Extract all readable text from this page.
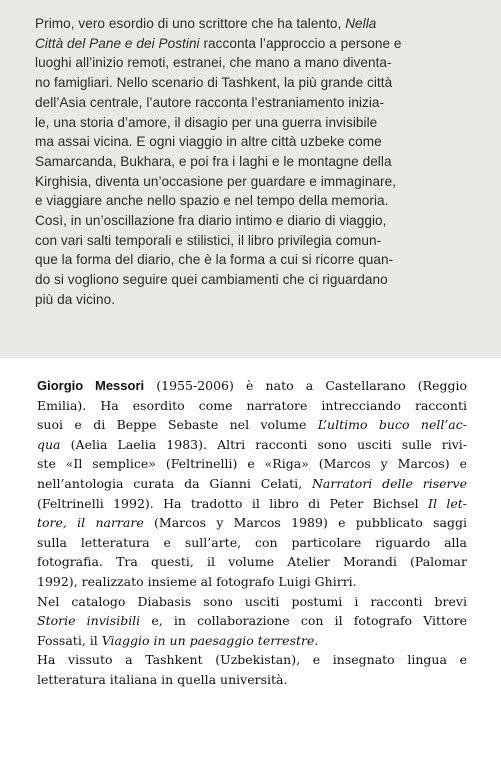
Primo, vero esordio di uno scrittore che ha talento, Nella
Città del Pane e dei Postini racconta l’approccio a persone e
luoghi all’inizio remoti, estranei, che mano a mano diventa-
no famigliari. Nello scenario di Tashkent, la più grande città
dell’Asia centrale, l’autore racconta l’estraniamento inizia-
le, una storia d’amore, il disagio per una guerra invisibile
ma assai vicina. E ogni viaggio in altre città uzbeke come
Samarcanda, Bukhara, e poi fra i laghi e le montagne della
Kirghisia, diventa un’occasione per guardare e immaginare,
e viaggiare anche nello spazio e nel tempo della memoria.
Così, in un’oscillazione fra diario intimo e diario di viaggio,
con vari salti temporali e stilistici, il libro privilegia comun-
que la forma del diario, che è la forma a cui si ricorre quan-
do si vogliono seguire quei cambiamenti che ci riguardano
più da vicino.
Giorgio Messori (1955-2006) è nato a Castellarano (Reggio
Emilia). Ha esordito come narratore intrecciando racconti
suoi e di Beppe Sebaste nel volume L’ultimo buco nell’ac-
qua (Aelia Laelia 1983). Altri racconti sono usciti sulle rivi-
ste «Il semplice» (Feltrinelli) e «Riga» (Marcos y Marcos) e
nell’antologia curata da Gianni Celati, Narratori delle riserve
(Feltrinelli 1992). Ha tradotto il libro di Peter Bichsel Il let-
tore, il narrare (Marcos y Marcos 1989) e pubblicato saggi
sulla letteratura e sull’arte, con particolare riguardo alla
fotografia. Tra questi, il volume Atelier Morandi (Palomar
1992), realizzato insieme al fotografo Luigi Ghirri.
Nel catalogo Diabasis sono usciti postumi i racconti brevi
Storie invisibili e, in collaborazione con il fotografo Vittore
Fossati, il Viaggio in un paesaggio terrestre.
Ha vissuto a Tashkent (Uzbekistan), e insegnato lingua e
letteratura italiana in quella università.
